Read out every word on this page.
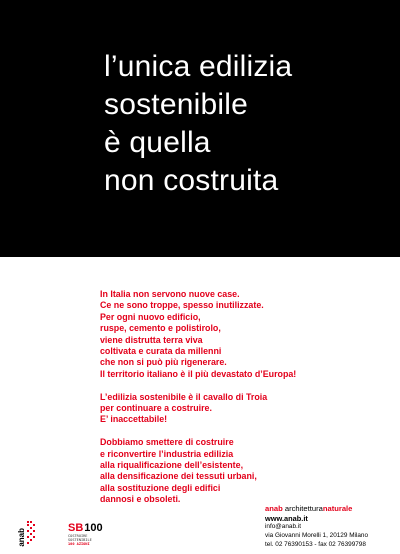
l’unica edilizia
sostenibile
è quella
non costruita

In Italia non servono nuove case.
Ce ne sono troppe, spesso inutilizzate.
Per ogni nuovo edificio,
ruspe, cemento e polistirolo,
viene distrutta terra viva
coltivata e curata da millenni
che non si può più rigenerare.
Il territorio italiano è il più devastato d’Europa!

L’edilizia sostenibile è il cavallo di Troia
per continuare a costruire.
E’ inaccettabile!

Dobbiamo smettere di costruire
e riconvertire l’industria edilizia
alla riqualificazione dell’esistente,
alla densificazione dei tessuti urbani,
alla sostituzione degli edifici
dannosi e obsoleti.

anab	SB 100
COSTRUIRE
SOSTENIBILE
100 AZIONI
anab architetturanaturale
www.anab.it
info@anab.it
via Giovanni Morelli 1, 20129 Milano
tel. 02 76390153 - fax 02 76399798
